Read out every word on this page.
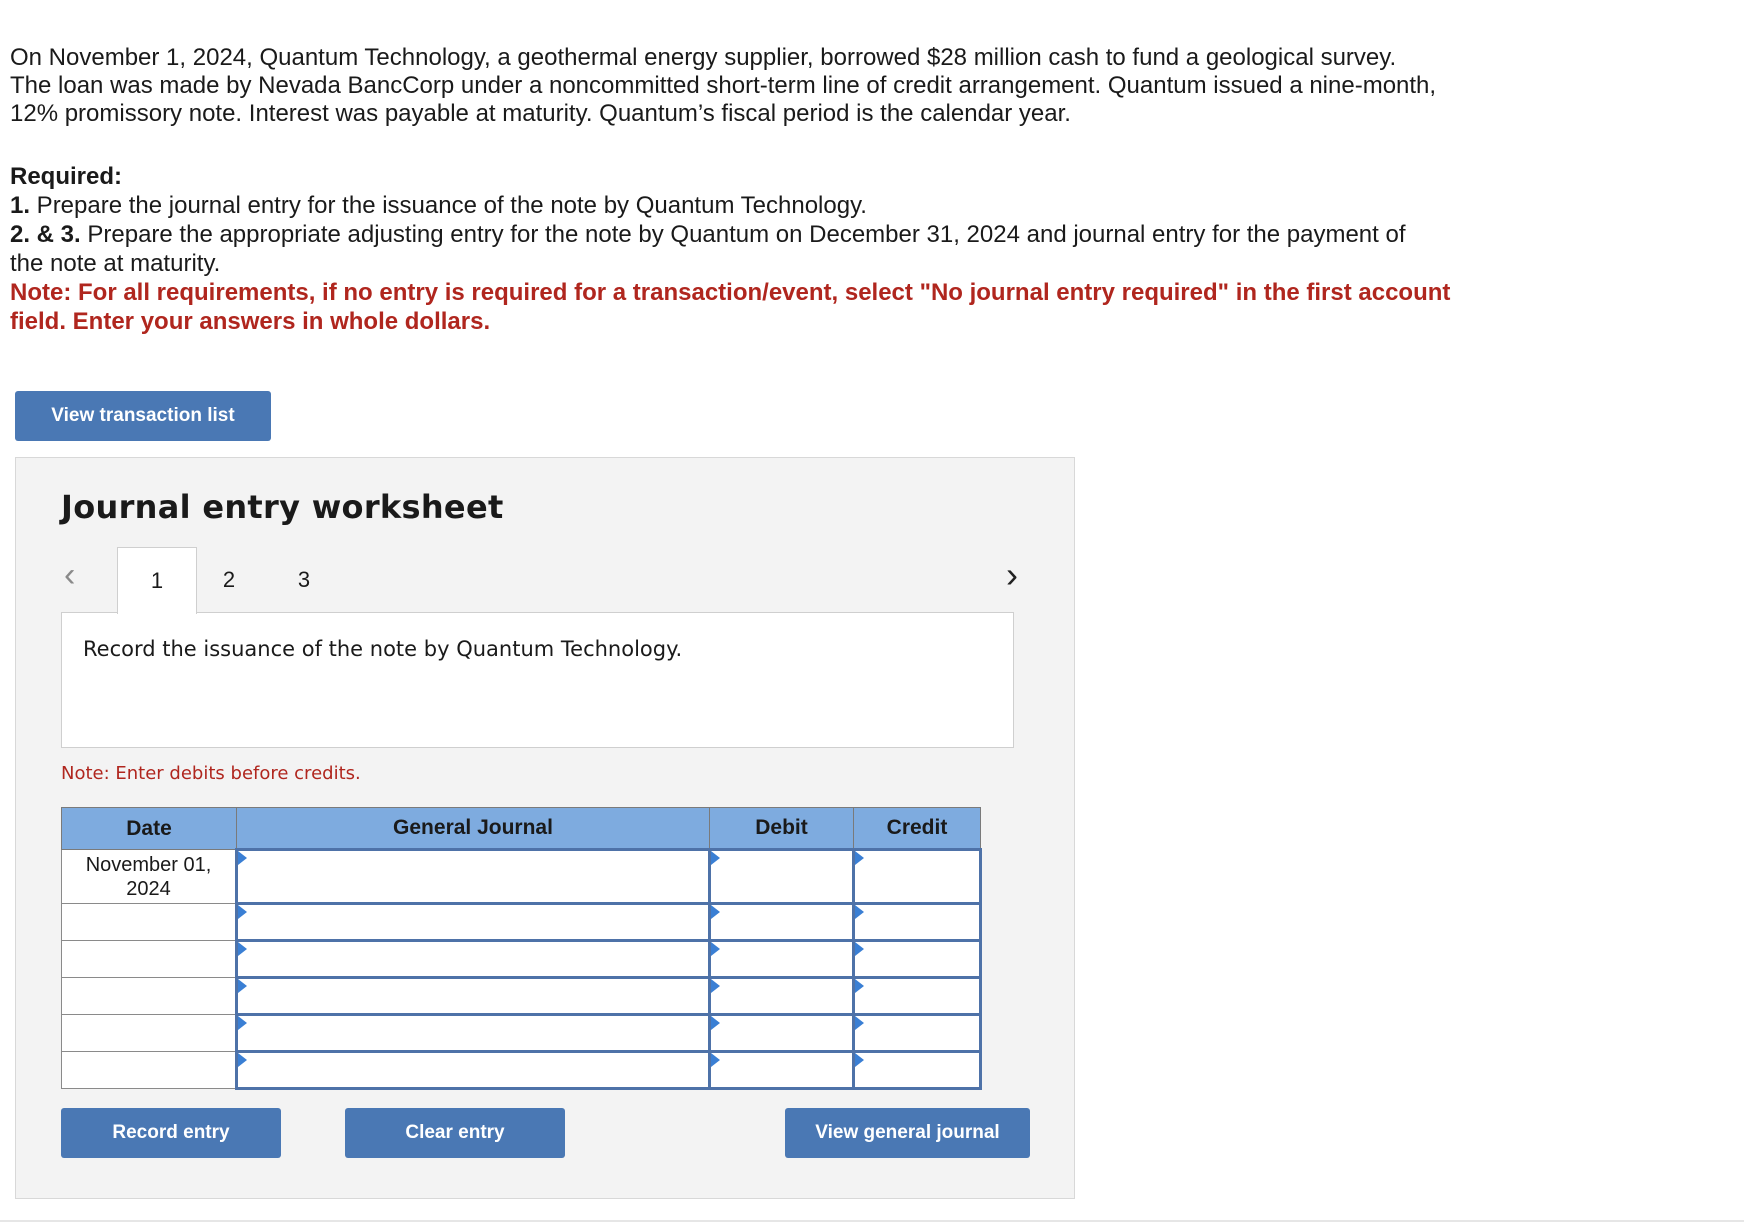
On November 1, 2024, Quantum Technology, a geothermal energy supplier, borrowed $28 million cash to fund a geological survey.

The loan was made by Nevada BancCorp under a noncommitted short-term line of credit arrangement. Quantum issued a nine-month,

12% promissory note. Interest was payable at maturity. Quantum’s fiscal period is the calendar year.

Required:
1. Prepare the journal entry for the issuance of the note by Quantum Technology.
2. & 3. Prepare the appropriate adjusting entry for the note by Quantum on December 31, 2024 and journal entry for the payment of
the note at maturity.
Note: For all requirements, if no entry is required for a transaction/event, select "No journal entry required" in the first account
field. Enter your answers in whole dollars.
View transaction list
Journal entry worksheet
‹	›
1	2	3
Record the issuance of the note by Quantum Technology.
Note: Enter debits before credits.
Date	General Journal	Debit	Credit

November 01,
2024			

Record entry	Clear entry	View general journal
